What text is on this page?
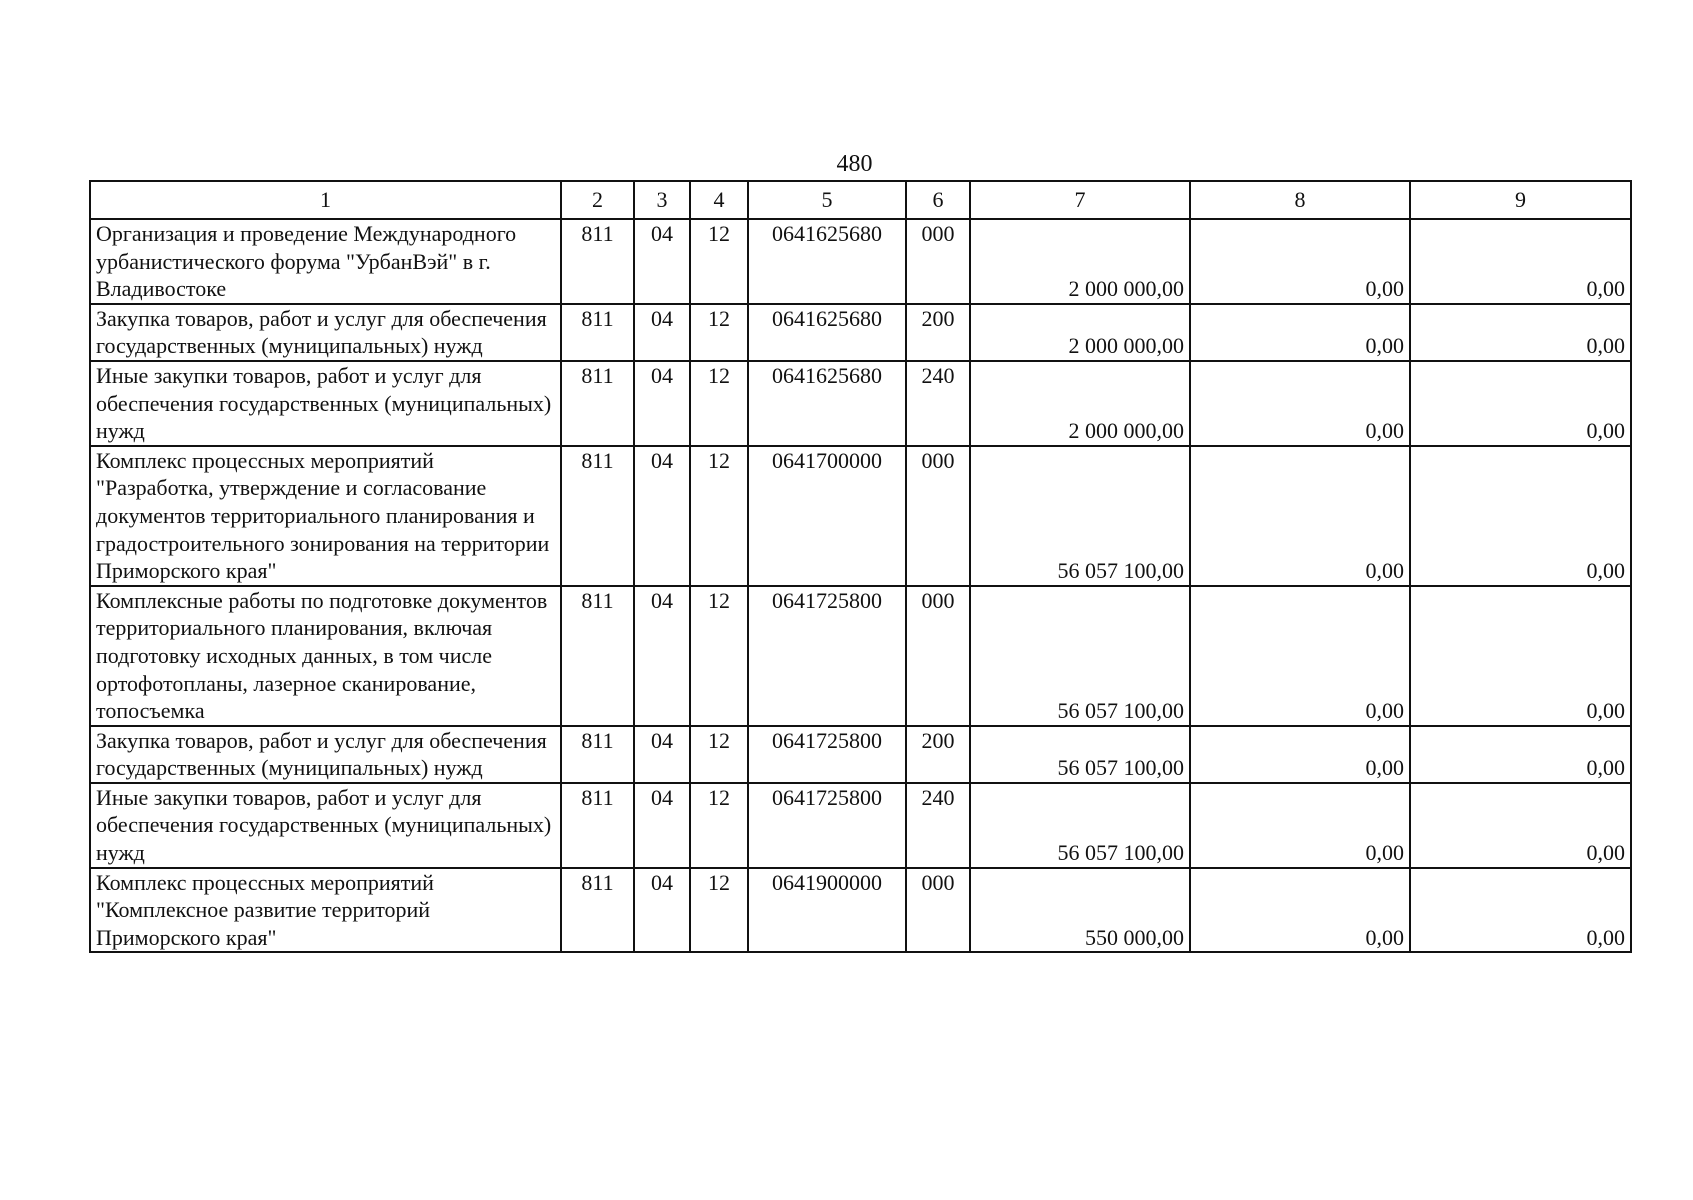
480
1	2	3	4	5	6	7	8	9
Организация и проведение Международного урбанистического форума "УрбанВэй" в г. Владивостоке	811	04	12	0641625680	000	2 000 000,00	0,00	0,00
Закупка товаров, работ и услуг для обеспечения государственных (муниципальных) нужд	811	04	12	0641625680	200	2 000 000,00	0,00	0,00
Иные закупки товаров, работ и услуг для обеспечения государственных (муниципальных) нужд	811	04	12	0641625680	240	2 000 000,00	0,00	0,00
Комплекс процессных мероприятий "Разработка, утверждение и согласование документов территориального планирования и градостроительного зонирования на территории Приморского края"	811	04	12	0641700000	000	56 057 100,00	0,00	0,00
Комплексные работы по подготовке документов территориального планирования, включая подготовку исходных данных, в том числе ортофотопланы, лазерное сканирование, топосъемка	811	04	12	0641725800	000	56 057 100,00	0,00	0,00
Закупка товаров, работ и услуг для обеспечения государственных (муниципальных) нужд	811	04	12	0641725800	200	56 057 100,00	0,00	0,00
Иные закупки товаров, работ и услуг для обеспечения государственных (муниципальных) нужд	811	04	12	0641725800	240	56 057 100,00	0,00	0,00
Комплекс процессных мероприятий "Комплексное развитие территорий Приморского края"	811	04	12	0641900000	000	550 000,00	0,00	0,00
